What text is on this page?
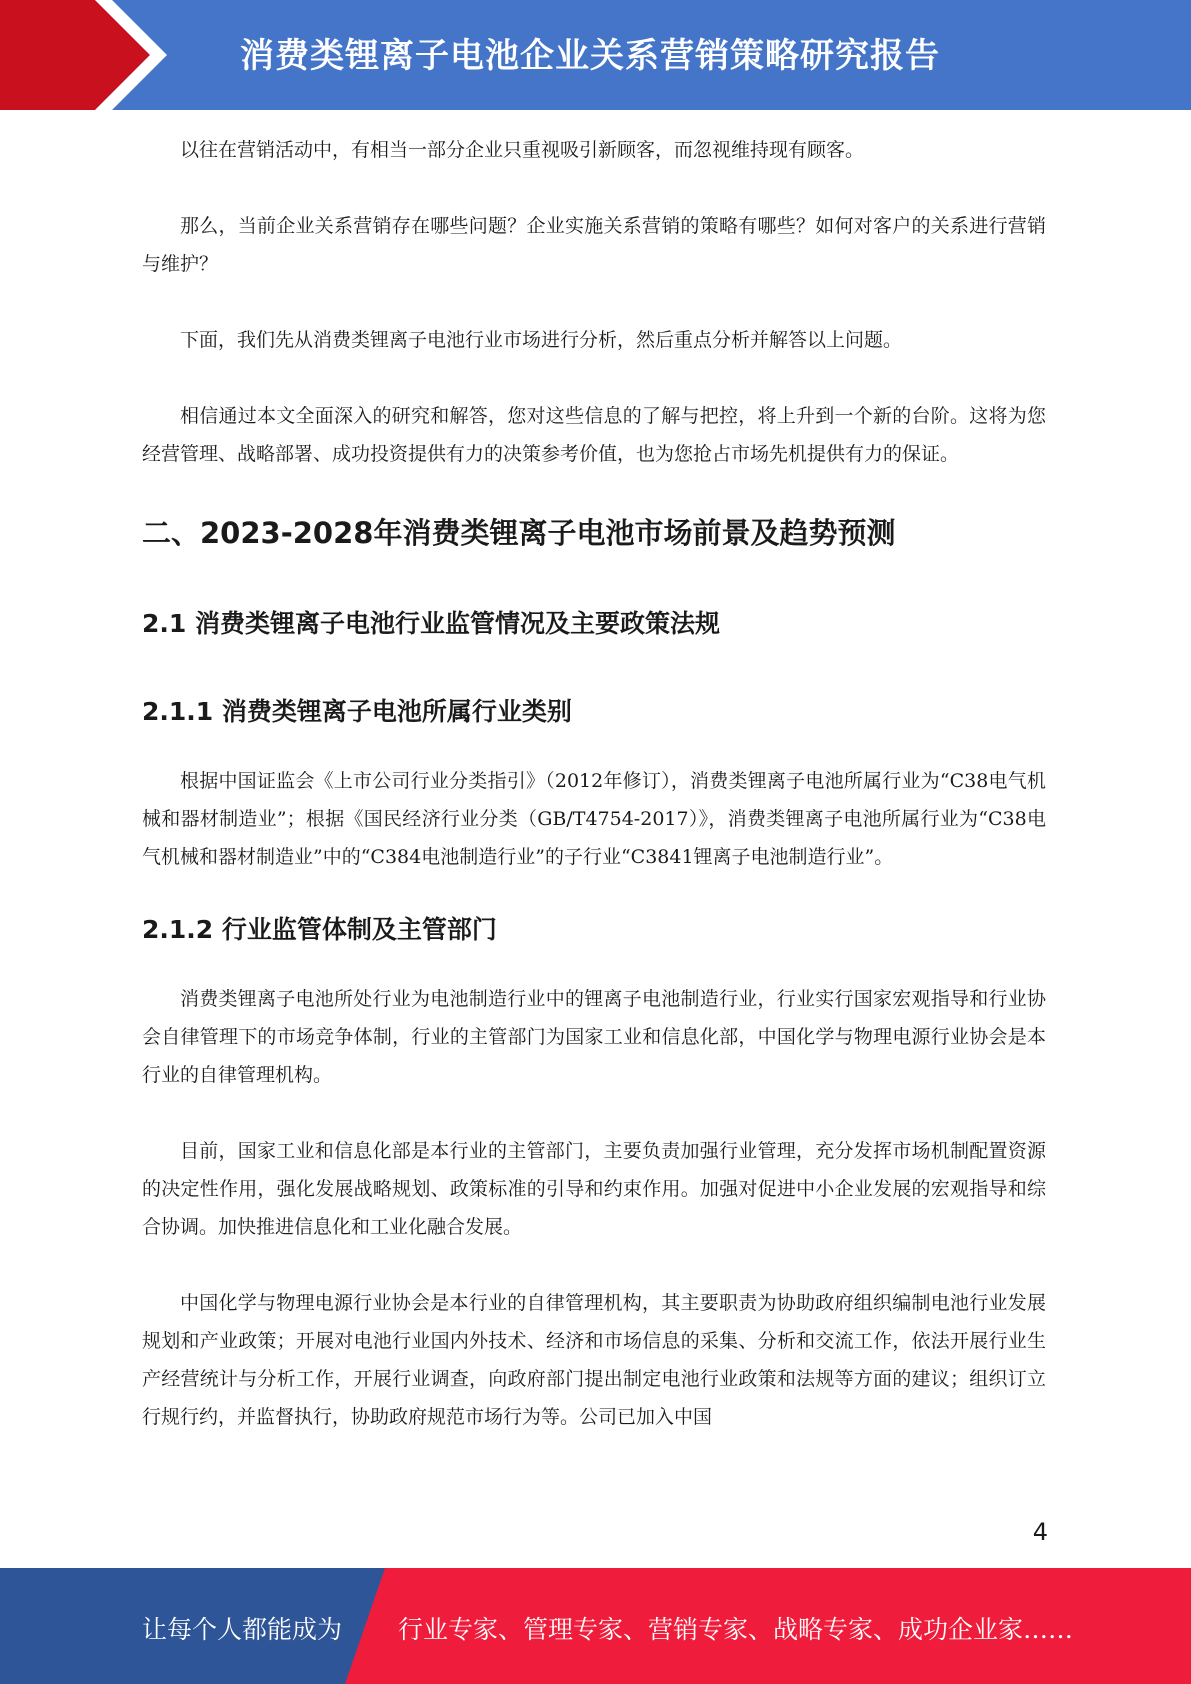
消费类锂离子电池企业关系营销策略研究报告

以往在营销活动中，有相当一部分企业只重视吸引新顾客，而忽视维持现有顾客。

那么，当前企业关系营销存在哪些问题？企业实施关系营销的策略有哪些？如何对客户的关系进行营销与维护？

下面，我们先从消费类锂离子电池行业市场进行分析，然后重点分析并解答以上问题。

相信通过本文全面深入的研究和解答，您对这些信息的了解与把控，将上升到一个新的台阶。这将为您经营管理、战略部署、成功投资提供有力的决策参考价值，也为您抢占市场先机提供有力的保证。

二、2023-2028年消费类锂离子电池市场前景及趋势预测
2.1 消费类锂离子电池行业监管情况及主要政策法规
2.1.1 消费类锂离子电池所属行业类别

根据中国证监会《上市公司行业分类指引》（2012年修订），消费类锂离子电池所属行业为“C38电气机械和器材制造业”；根据《国民经济行业分类（GB/T4754-2017）》，消费类锂离子电池所属行业为“C38电气机械和器材制造业”中的“C384电池制造行业”的子行业“C3841锂离子电池制造行业”。

2.1.2 行业监管体制及主管部门

消费类锂离子电池所处行业为电池制造行业中的锂离子电池制造行业，行业实行国家宏观指导和行业协会自律管理下的市场竞争体制，行业的主管部门为国家工业和信息化部，中国化学与物理电源行业协会是本行业的自律管理机构。

目前，国家工业和信息化部是本行业的主管部门，主要负责加强行业管理，充分发挥市场机制配置资源的决定性作用，强化发展战略规划、政策标准的引导和约束作用。加强对促进中小企业发展的宏观指导和综合协调。加快推进信息化和工业化融合发展。

中国化学与物理电源行业协会是本行业的自律管理机构，其主要职责为协助政府组织编制电池行业发展规划和产业政策；开展对电池行业国内外技术、经济和市场信息的采集、分析和交流工作，依法开展行业生产经营统计与分析工作，开展行业调查，向政府部门提出制定电池行业政策和法规等方面的建议；组织订立行规行约，并监督执行，协助政府规范市场行为等。公司已加入中国

4
让每个人都能成为 行业专家、管理专家、营销专家、战略专家、成功企业家……
